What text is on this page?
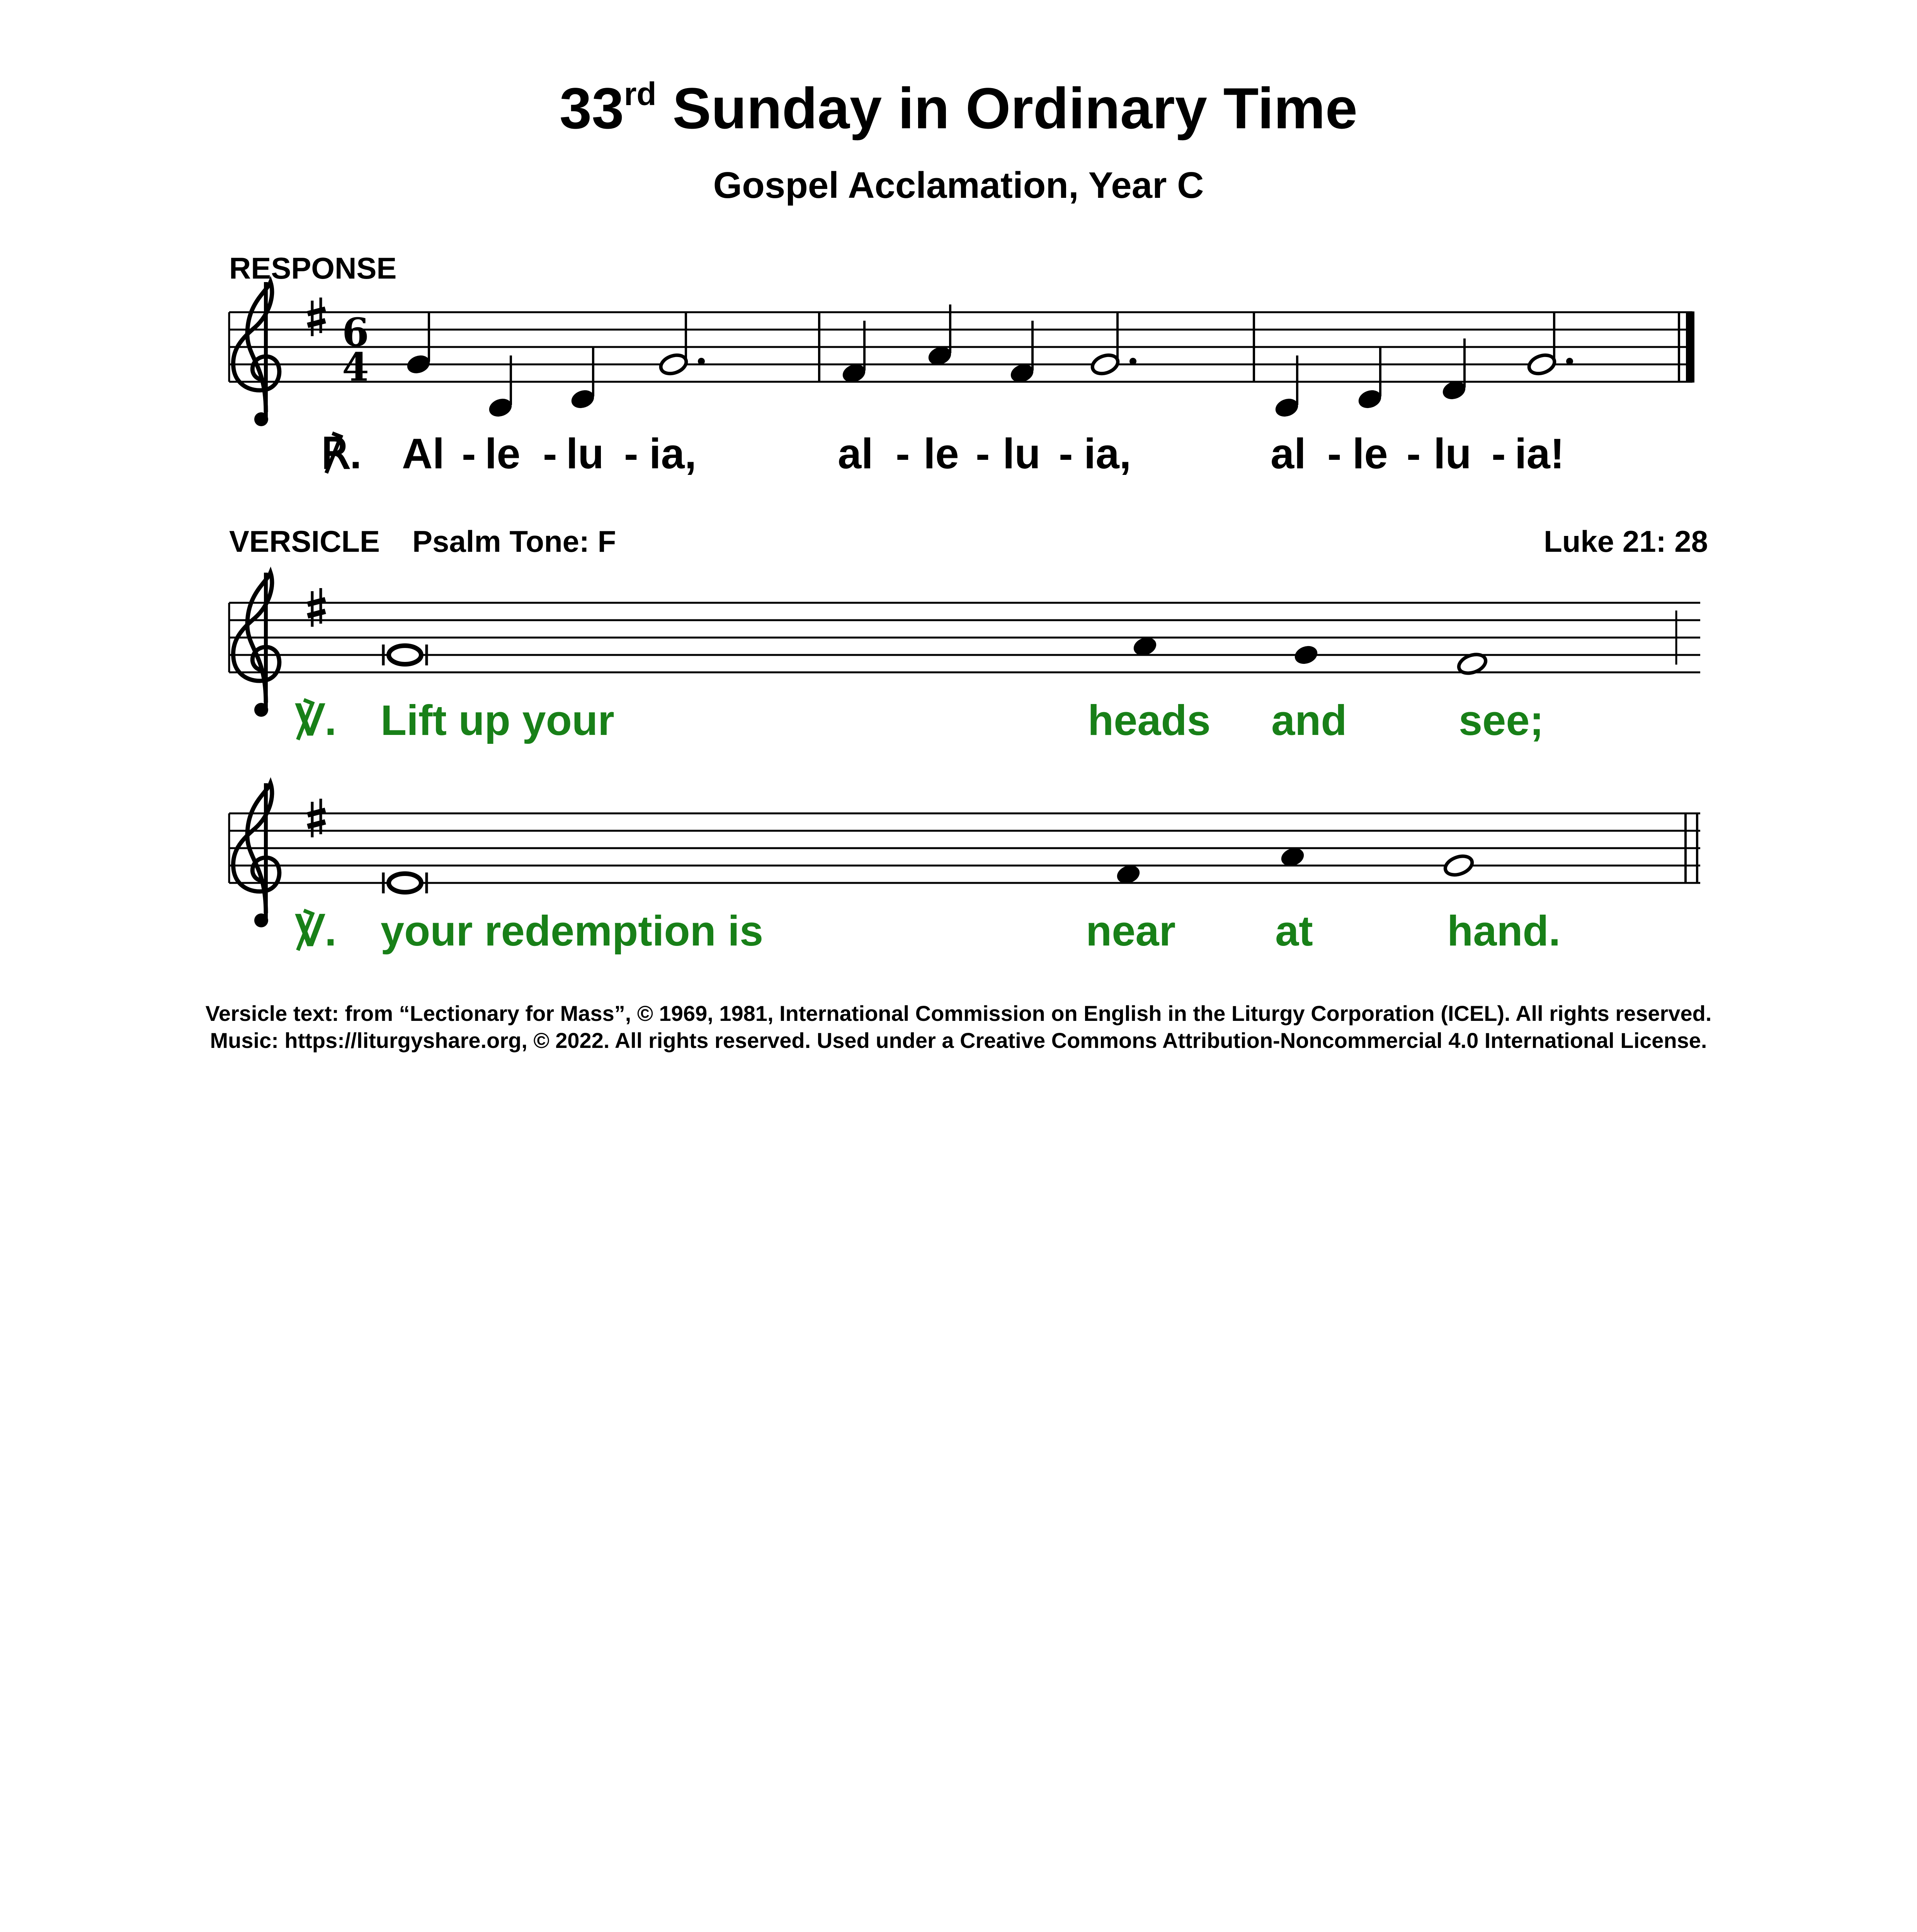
33rd Sunday in Ordinary Time
Gospel Acclamation, Year C
RESPONSE
VERSICLE Psalm Tone: F	Luke 21: 28
6
4
℟. Al - le - lu - ia,	al - le - lu - ia,	al - le - lu - ia!
℣. Lift up your	heads and	see;
℣. your redemption is	near at	hand.
Versicle text: from “Lectionary for Mass”, © 1969, 1981, International Commission on English in the Liturgy Corporation (ICEL). All rights reserved.
Music: https://liturgyshare.org, © 2022. All rights reserved. Used under a Creative Commons Attribution-Noncommercial 4.0 International License.
